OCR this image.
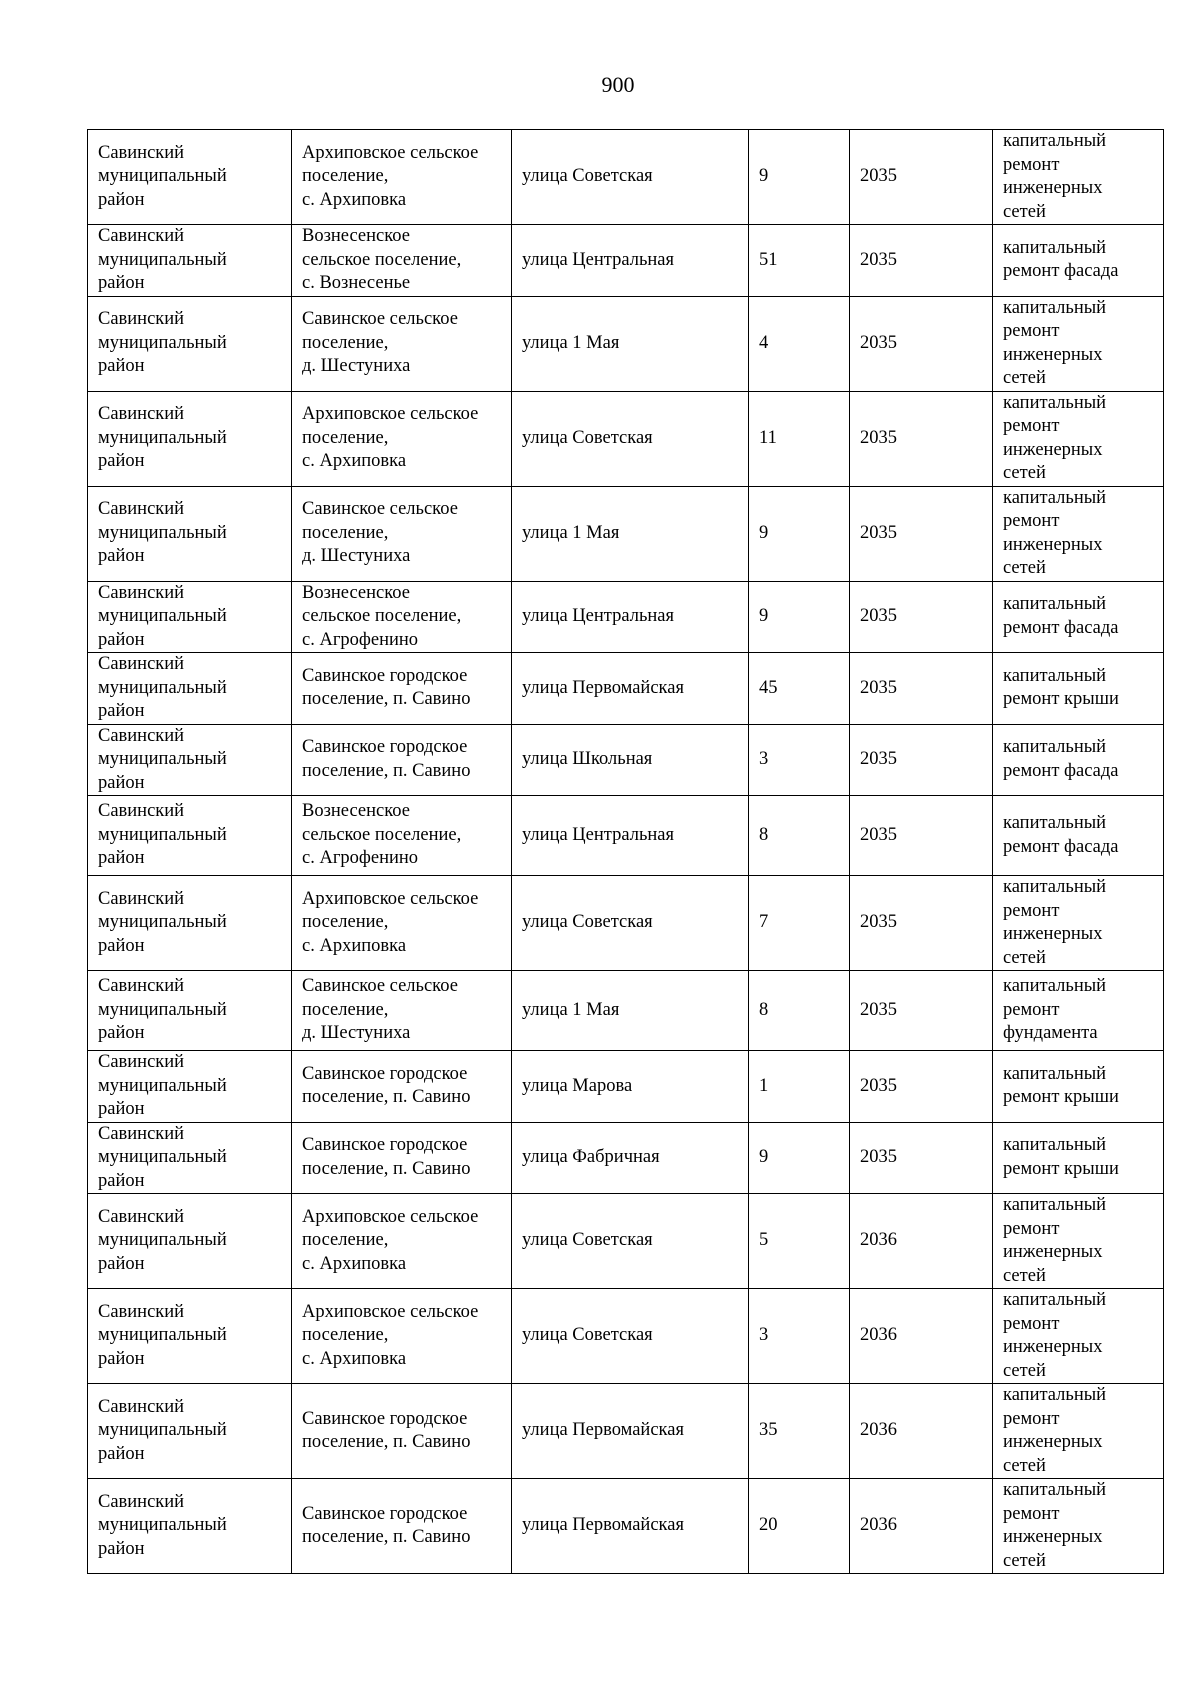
900
Савинский
муниципальный
район	Архиповское сельское
поселение,
с. Архиповка	улица Советская	9	2035	капитальный
ремонт
инженерных
сетей
Савинский
муниципальный
район	Вознесенское
сельское поселение,
с. Вознесенье	улица Центральная	51	2035	капитальный
ремонт фасада
Савинский
муниципальный
район	Савинское сельское
поселение,
д. Шестуниха	улица 1 Мая	4	2035	капитальный
ремонт
инженерных
сетей
Савинский
муниципальный
район	Архиповское сельское
поселение,
с. Архиповка	улица Советская	11	2035	капитальный
ремонт
инженерных
сетей
Савинский
муниципальный
район	Савинское сельское
поселение,
д. Шестуниха	улица 1 Мая	9	2035	капитальный
ремонт
инженерных
сетей
Савинский
муниципальный
район	Вознесенское
сельское поселение,
с. Агрофенино	улица Центральная	9	2035	капитальный
ремонт фасада
Савинский
муниципальный
район	Савинское городское
поселение, п. Савино	улица Первомайская	45	2035	капитальный
ремонт крыши
Савинский
муниципальный
район	Савинское городское
поселение, п. Савино	улица Школьная	3	2035	капитальный
ремонт фасада
Савинский
муниципальный
район	Вознесенское
сельское поселение,
с. Агрофенино	улица Центральная	8	2035	капитальный
ремонт фасада
Савинский
муниципальный
район	Архиповское сельское
поселение,
с. Архиповка	улица Советская	7	2035	капитальный
ремонт
инженерных
сетей
Савинский
муниципальный
район	Савинское сельское
поселение,
д. Шестуниха	улица 1 Мая	8	2035	капитальный
ремонт
фундамента
Савинский
муниципальный
район	Савинское городское
поселение, п. Савино	улица Марова	1	2035	капитальный
ремонт крыши
Савинский
муниципальный
район	Савинское городское
поселение, п. Савино	улица Фабричная	9	2035	капитальный
ремонт крыши
Савинский
муниципальный
район	Архиповское сельское
поселение,
с. Архиповка	улица Советская	5	2036	капитальный
ремонт
инженерных
сетей
Савинский
муниципальный
район	Архиповское сельское
поселение,
с. Архиповка	улица Советская	3	2036	капитальный
ремонт
инженерных
сетей
Савинский
муниципальный
район	Савинское городское
поселение, п. Савино	улица Первомайская	35	2036	капитальный
ремонт
инженерных
сетей
Савинский
муниципальный
район	Савинское городское
поселение, п. Савино	улица Первомайская	20	2036	капитальный
ремонт
инженерных
сетей
